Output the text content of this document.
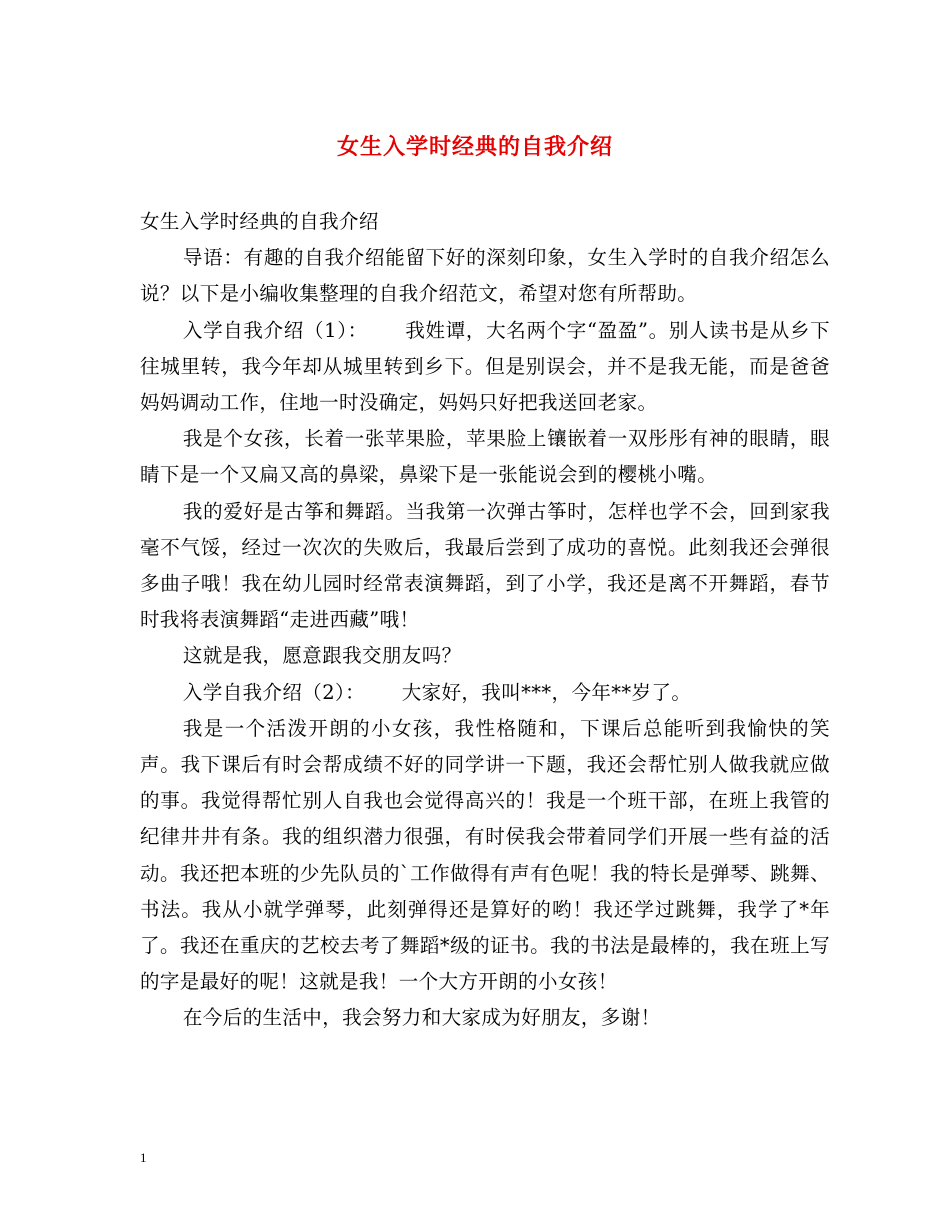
女生入学时经典的自我介绍

女生入学时经典的自我介绍

导语：有趣的自我介绍能留下好的深刻印象，女生入学时的自我介绍怎么说？以下是小编收集整理的自我介绍范文，希望对您有所帮助。

入学自我介绍（1）：　　 我姓谭，大名两个字“盈盈”。别人读书是从乡下往城里转，我今年却从城里转到乡下。但是别误会，并不是我无能，而是爸爸妈妈调动工作，住地一时没确定，妈妈只好把我送回老家。

我是个女孩，长着一张苹果脸，苹果脸上镶嵌着一双彤彤有神的眼睛，眼睛下是一个又扁又高的鼻梁，鼻梁下是一张能说会到的樱桃小嘴。

我的爱好是古筝和舞蹈。当我第一次弹古筝时，怎样也学不会，回到家我毫不气馁，经过一次次的失败后，我最后尝到了成功的喜悦。此刻我还会弹很多曲子哦！我在幼儿园时经常表演舞蹈，到了小学，我还是离不开舞蹈，春节时我将表演舞蹈“走进西藏”哦！

这就是我，愿意跟我交朋友吗？

入学自我介绍（2）：　　 大家好，我叫***，今年**岁了。

我是一个活泼开朗的小女孩，我性格随和，下课后总能听到我愉快的笑声。我下课后有时会帮成绩不好的同学讲一下题，我还会帮忙别人做我就应做的事。我觉得帮忙别人自我也会觉得高兴的！我是一个班干部，在班上我管的纪律井井有条。我的组织潜力很强，有时侯我会带着同学们开展一些有益的活动。我还把本班的少先队员的`工作做得有声有色呢！我的特长是弹琴、跳舞、书法。我从小就学弹琴，此刻弹得还是算好的哟！我还学过跳舞，我学了*年了。我还在重庆的艺校去考了舞蹈*级的证书。我的书法是最棒的，我在班上写的字是最好的呢！这就是我！一个大方开朗的小女孩！

在今后的生活中，我会努力和大家成为好朋友，多谢！

1
